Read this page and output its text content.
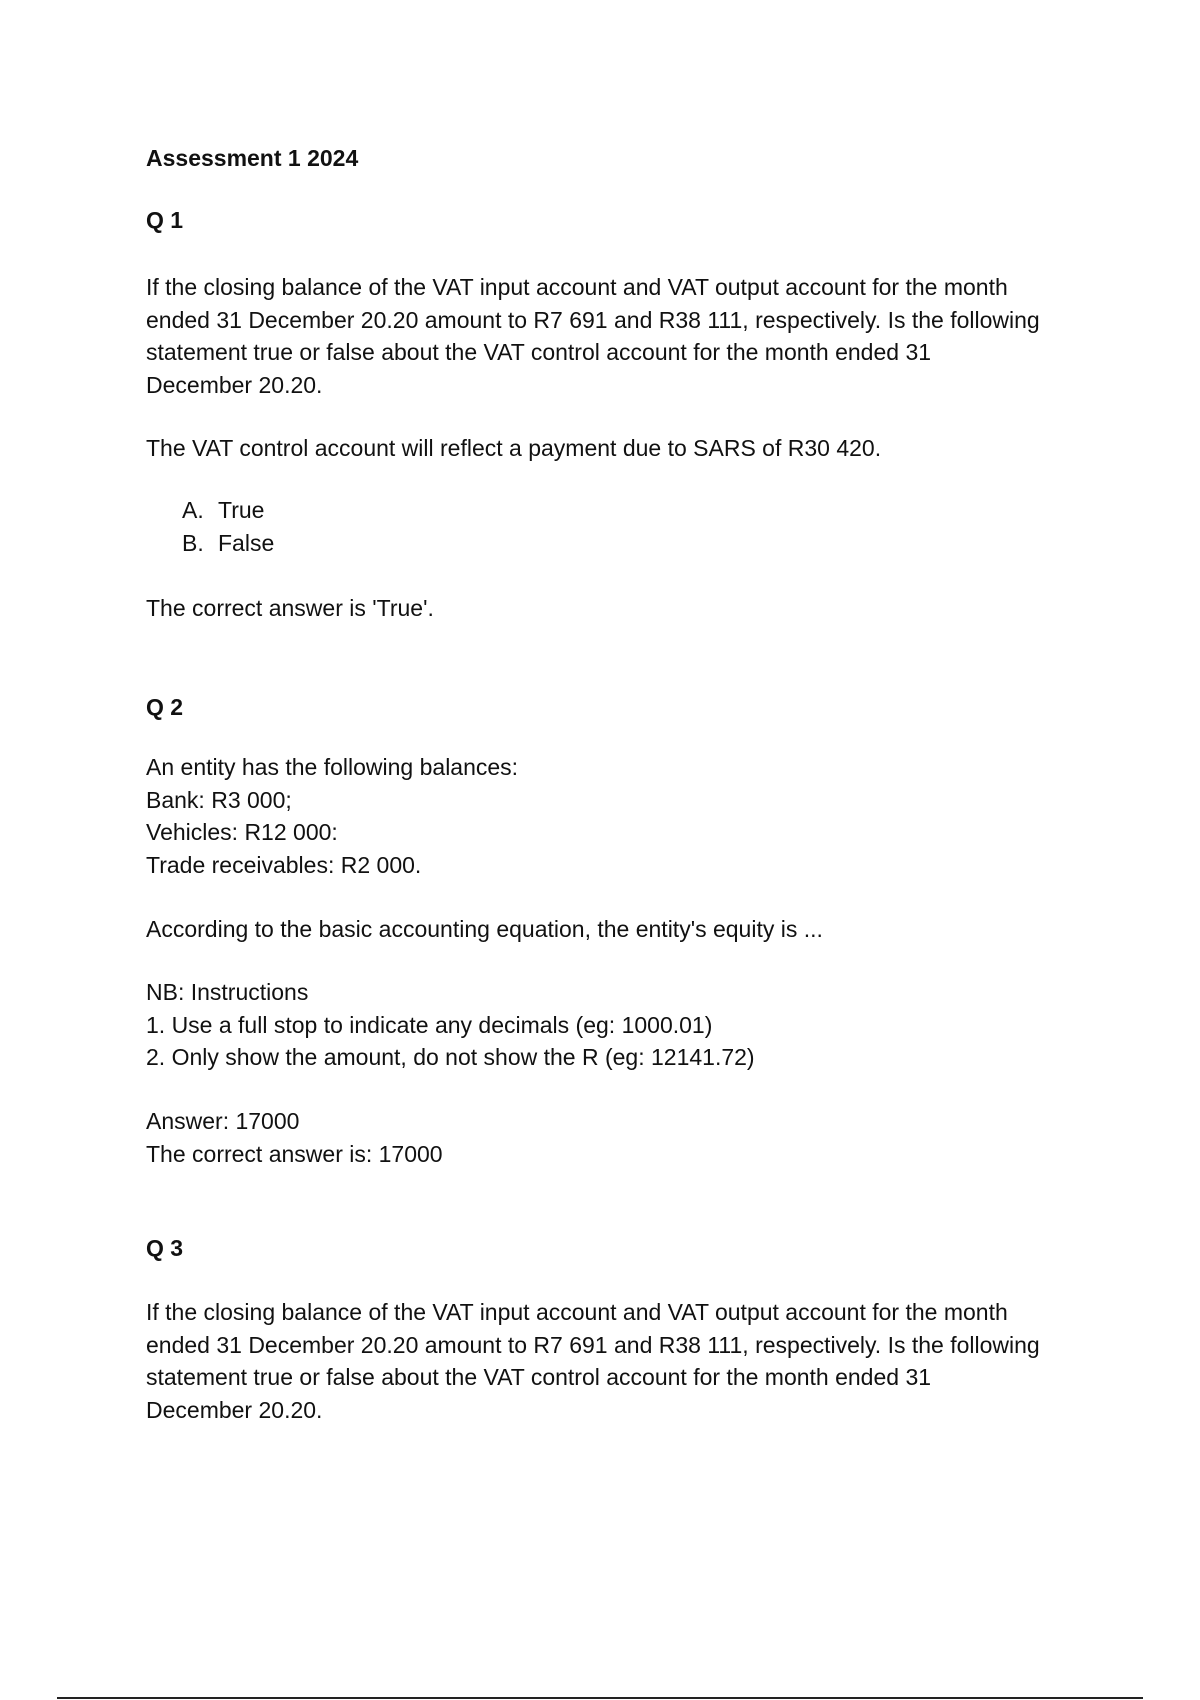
Assessment 1 2024
Q 1

If the closing balance of the VAT input account and VAT output account for the month
ended 31 December 20.20 amount to R7 691 and R38 111, respectively. Is the following
statement true or false about the VAT control account for the month ended 31
December 20.20.

The VAT control account will reflect a payment due to SARS of R30 420.

A. True
B. False

The correct answer is 'True'.

Q 2

An entity has the following balances:
Bank: R3 000;
Vehicles: R12 000:
Trade receivables: R2 000.

According to the basic accounting equation, the entity's equity is ...

NB: Instructions
1. Use a full stop to indicate any decimals (eg: 1000.01)
2. Only show the amount, do not show the R (eg: 12141.72)

Answer: 17000
The correct answer is: 17000

Q 3

If the closing balance of the VAT input account and VAT output account for the month
ended 31 December 20.20 amount to R7 691 and R38 111, respectively. Is the following
statement true or false about the VAT control account for the month ended 31
December 20.20.
